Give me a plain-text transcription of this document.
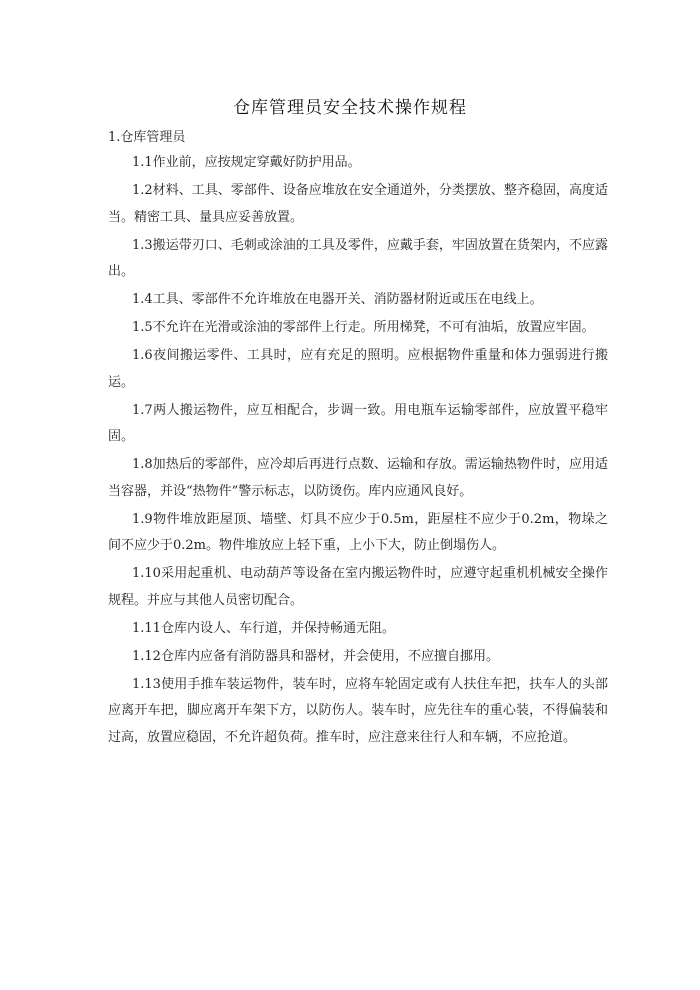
仓库管理员安全技术操作规程
1.仓库管理员

1.1作业前，应按规定穿戴好防护用品。

1.2材料、工具、零部件、设备应堆放在安全通道外，分类摆放、整齐稳固，高度适当。精密工具、量具应妥善放置。

1.3搬运带刃口、毛刺或涂油的工具及零件，应戴手套，牢固放置在货架内，不应露出。

1.4工具、零部件不允许堆放在电器开关、消防器材附近或压在电线上。

1.5不允许在光滑或涂油的零部件上行走。所用梯凳，不可有油垢，放置应牢固。

1.6夜间搬运零件、工具时，应有充足的照明。应根据物件重量和体力强弱进行搬运。

1.7两人搬运物件，应互相配合，步调一致。用电瓶车运输零部件，应放置平稳牢固。

1.8加热后的零部件，应冷却后再进行点数、运输和存放。需运输热物件时，应用适当容器，并设“热物件”警示标志，以防烫伤。库内应通风良好。

1.9物件堆放距屋顶、墙壁、灯具不应少于0.5m，距屋柱不应少于0.2m，物垛之间不应少于0.2m。物件堆放应上轻下重，上小下大，防止倒塌伤人。

1.10采用起重机、电动葫芦等设备在室内搬运物件时，应遵守起重机机械安全操作规程。并应与其他人员密切配合。

1.11仓库内设人、车行道，并保持畅通无阻。

1.12仓库内应备有消防器具和器材，并会使用，不应擅自挪用。

1.13使用手推车装运物件，装车时，应将车轮固定或有人扶住车把，扶车人的头部应离开车把，脚应离开车架下方，以防伤人。装车时，应先往车的重心装，不得偏装和过高，放置应稳固，不允许超负荷。推车时，应注意来往行人和车辆，不应抢道。
